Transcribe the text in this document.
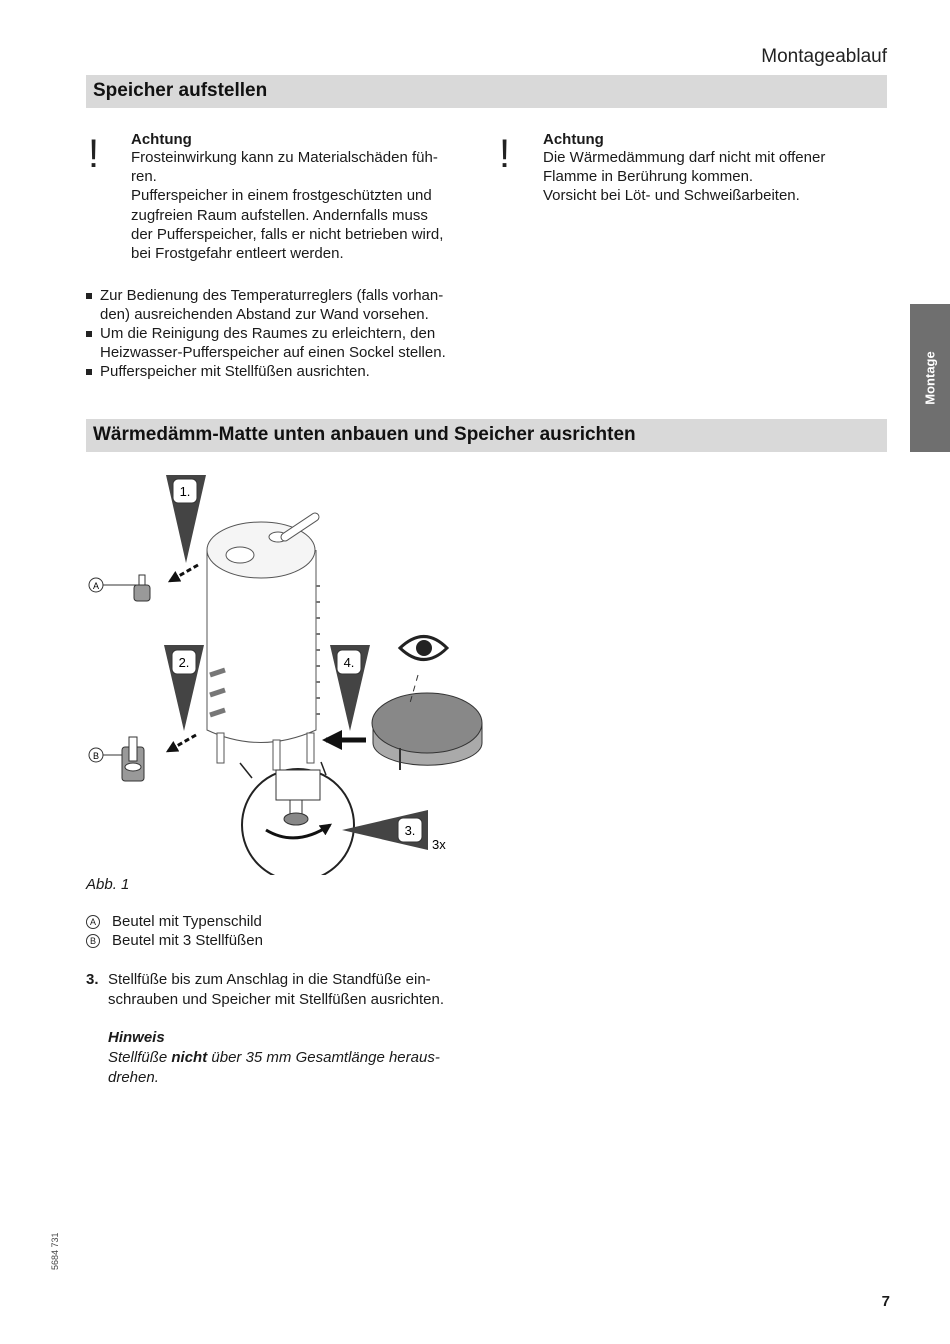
Montageablauf
Speicher aufstellen
! Achtung
Frosteinwirkung kann zu Materialschäden füh-
ren.
Pufferspeicher in einem frostgeschützten und
zugfreien Raum aufstellen. Andernfalls muss
der Pufferspeicher, falls er nicht betrieben wird,
bei Frostgefahr entleert werden.
! Achtung
Die Wärmedämmung darf nicht mit offener
Flamme in Berührung kommen.
Vorsicht bei Löt- und Schweißarbeiten.
Zur Bedienung des Temperaturreglers (falls vorhan-
den) ausreichenden Abstand zur Wand vorsehen.
Um die Reinigung des Raumes zu erleichtern, den
Heizwasser-Pufferspeicher auf einen Sockel stellen.
Pufferspeicher mit Stellfüßen ausrichten.	Montage
Wärmedämm-Matte unten anbauen und Speicher ausrichten
1.
A
2.
B
4.
3.
3x
Abb. 1
A Beutel mit Typenschild
B Beutel mit 3 Stellfüßen
3. Stellfüße bis zum Anschlag in die Standfüße ein-
schrauben und Speicher mit Stellfüßen ausrichten.
Hinweis
Stellfüße nicht über 35 mm Gesamtlänge heraus-
drehen.
5684 731
7
